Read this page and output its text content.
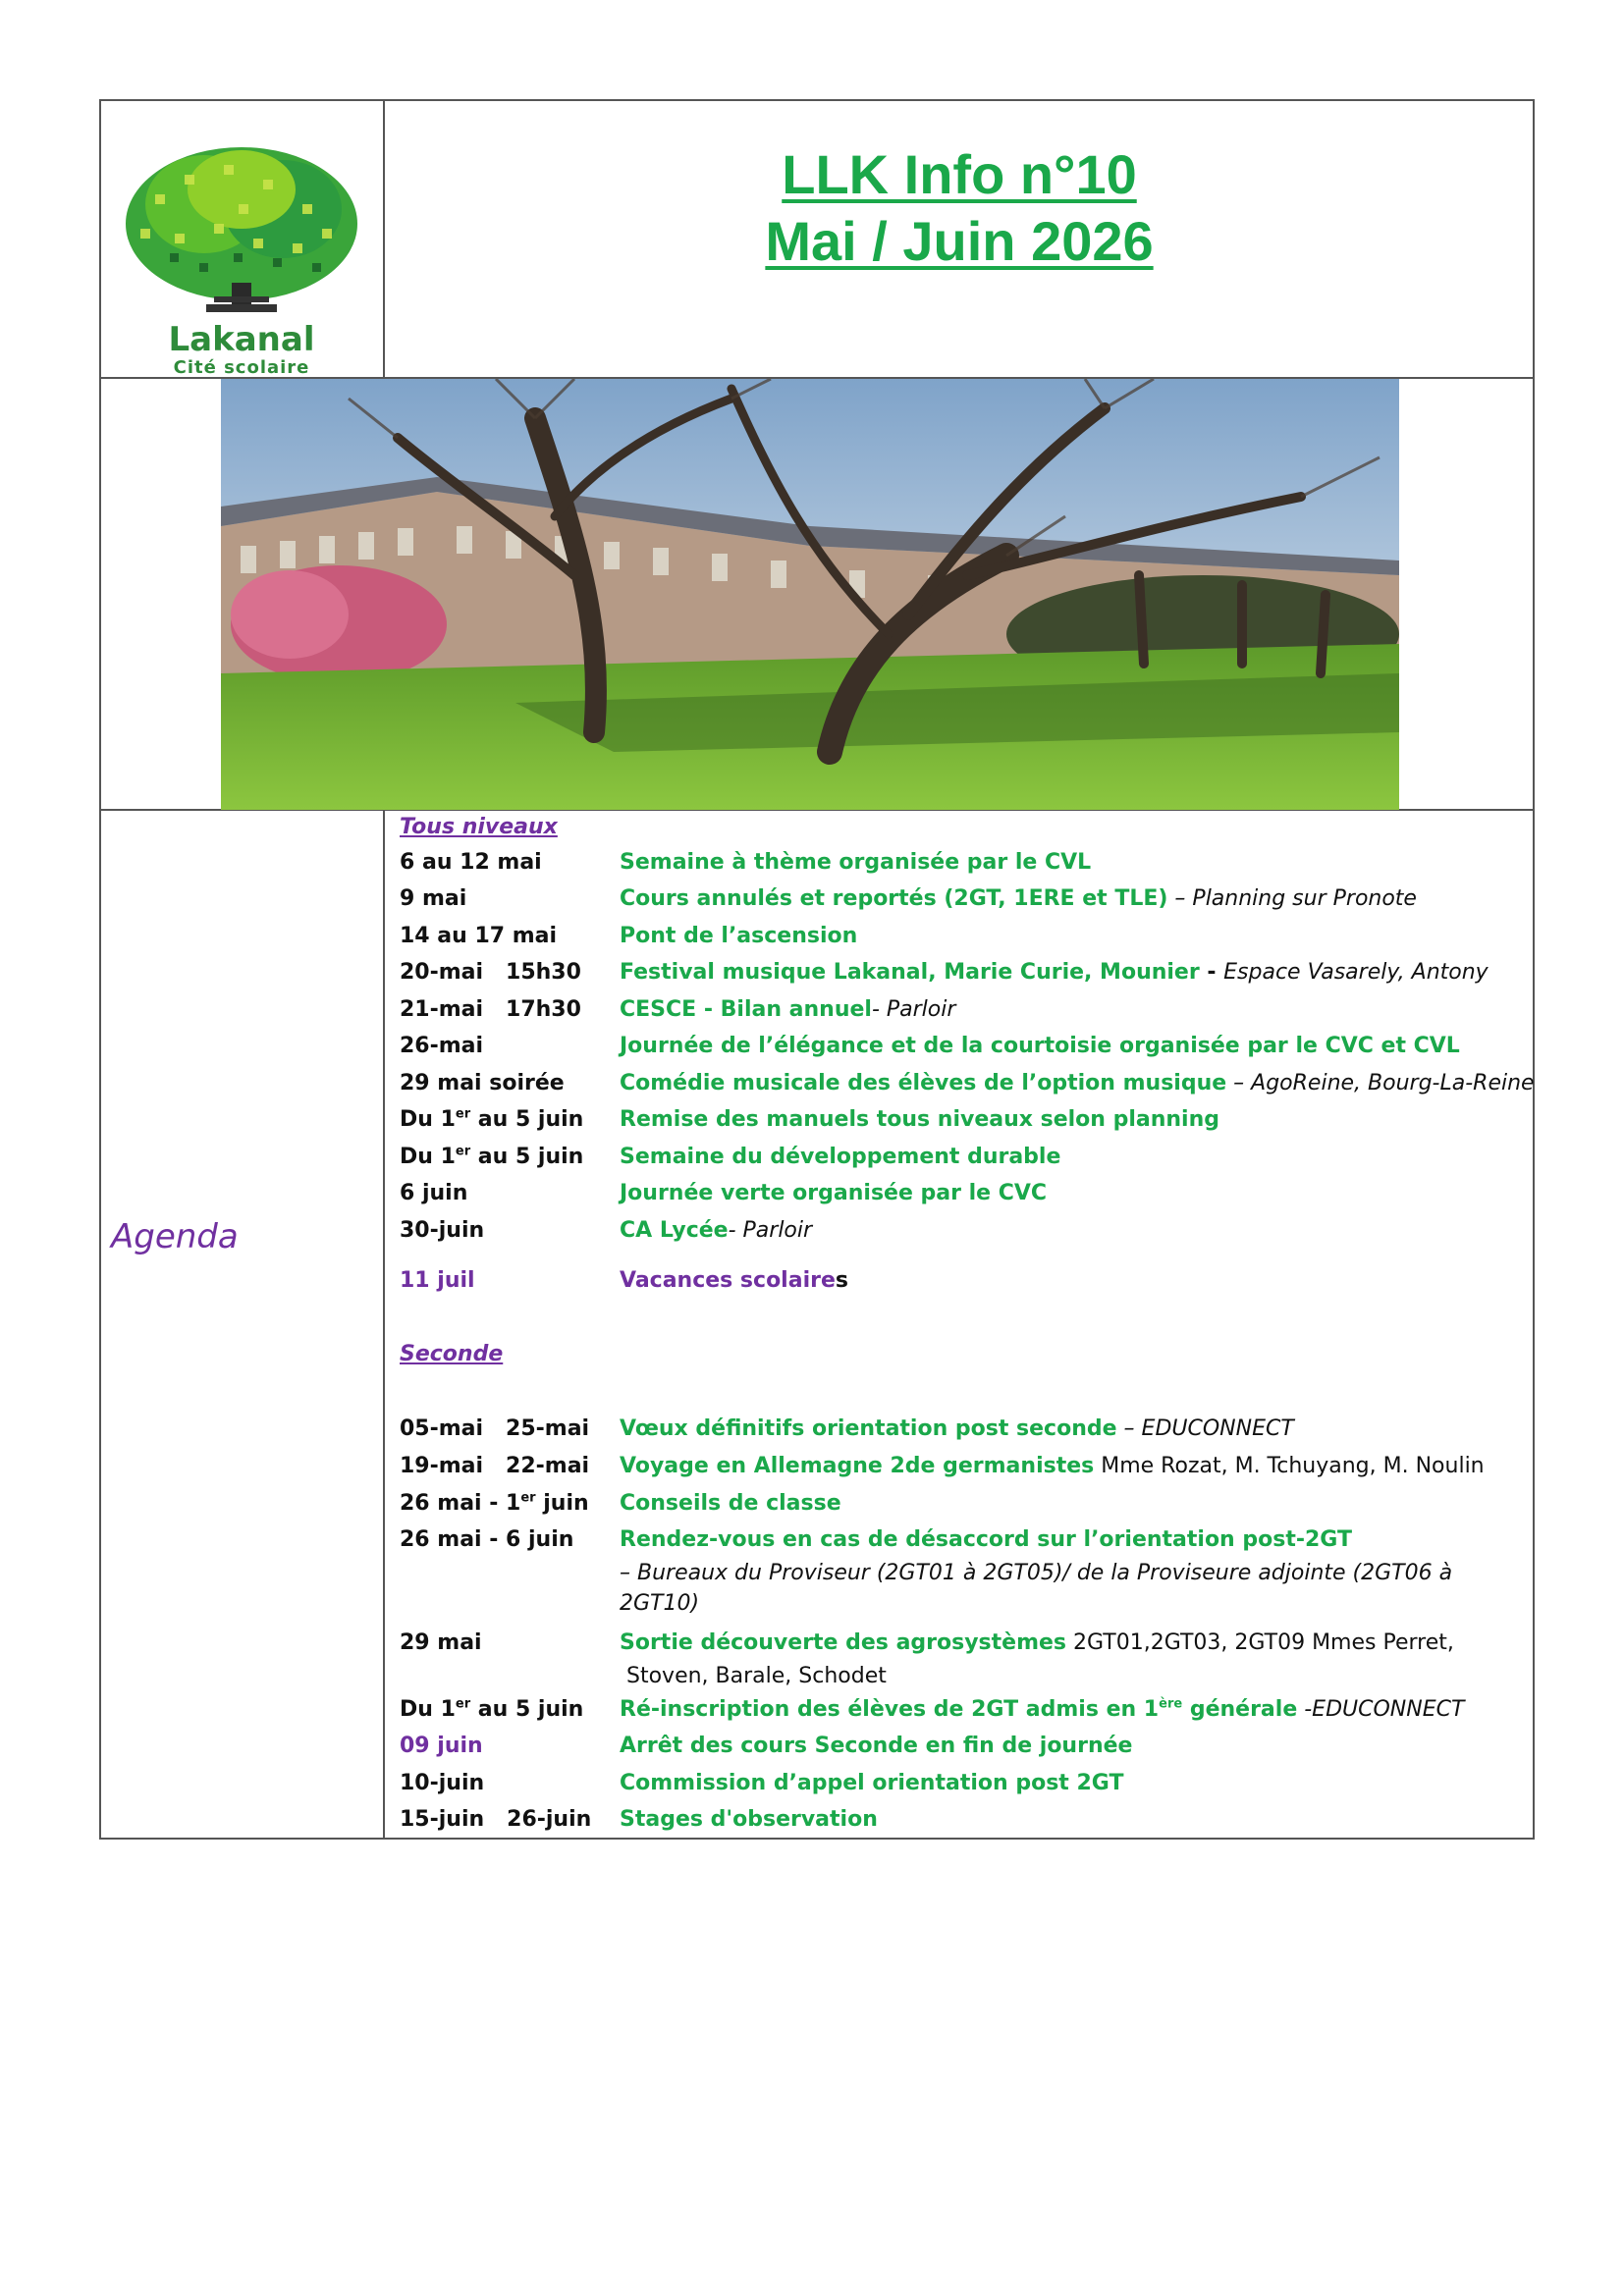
Lakanal
Cité scolaire
LLK Info n°10
Mai / Juin 2026
Agenda
Tous niveaux
6 au 12 mai	Semaine à thème organisée par le CVL
9 mai	Cours annulés et reportés (2GT, 1ERE et TLE) – Planning sur Pronote
14 au 17 mai	Pont de l’ascension
20-mai   15h30 Festival musique Lakanal, Marie Curie, Mounier - Espace Vasarely, Antony
21-mai   17h30 CESCE - Bilan annuel- Parloir
26-mai	Journée de l’élégance et de la courtoisie organisée par le CVC et CVL
29 mai soirée	Comédie musicale des élèves de l’option musique – AgoReine, Bourg-La-Reine
Du 1er au 5 juin Remise des manuels tous niveaux selon planning
Du 1er au 5 juin Semaine du développement durable
6 juin	Journée verte organisée par le CVC
30-juin	CA Lycée- Parloir
11 juil	Vacances scolaires
Seconde
05-mai   25-mai Vœux définitifs orientation post seconde – EDUCONNECT
19-mai   22-mai Voyage en Allemagne 2de germanistes Mme Rozat, M. Tchuyang, M. Noulin
26 mai - 1er juin Conseils de classe
26 mai - 6 juin Rendez-vous en cas de désaccord sur l’orientation post-2GT
– Bureaux du Proviseur (2GT01 à 2GT05)/ de la Proviseure adjointe (2GT06 à
2GT10)
29 mai	Sortie découverte des agrosystèmes 2GT01,2GT03, 2GT09 Mmes Perret,
Stoven, Barale, Schodet
Du 1er au 5 juin Ré-inscription des élèves de 2GT admis en 1ère générale -EDUCONNECT
09 juin	Arrêt des cours Seconde en fin de journée
10-juin	Commission d’appel orientation post 2GT
15-juin   26-juin Stages d'observation
